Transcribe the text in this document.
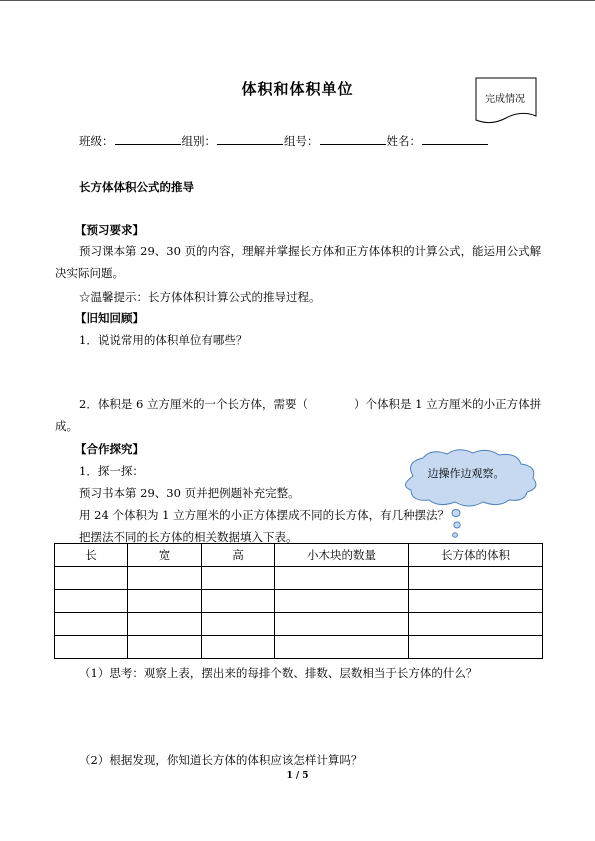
体积和体积单位
完成情况
班级：	组别：	组号：	姓名：
长方体体积公式的推导
【预习要求】
预习课本第 29、30 页的内容，理解并掌握长方体和正方体体积的计算公式，能运用公式解决实际问题。
☆温馨提示：长方体体积计算公式的推导过程。
【旧知回顾】
1．说说常用的体积单位有哪些？
2．体积是 6 立方厘米的一个长方体，需要（	）个体积是 1 立方厘米的小正方体拼成。
【合作探究】
1．探一探：
预习书本第 29、30 页并把例题补充完整。
用 24 个体积为 1 立方厘米的小正方体摆成不同的长方体，有几种摆法？
把摆法不同的长方体的相关数据填入下表。
边操作边观察。
长	宽	高	小木块的数量	长方体的体积

（1）思考：观察上表，摆出来的每排个数、排数、层数相当于长方体的什么？
（2）根据发现，你知道长方体的体积应该怎样计算吗？
1 / 5
